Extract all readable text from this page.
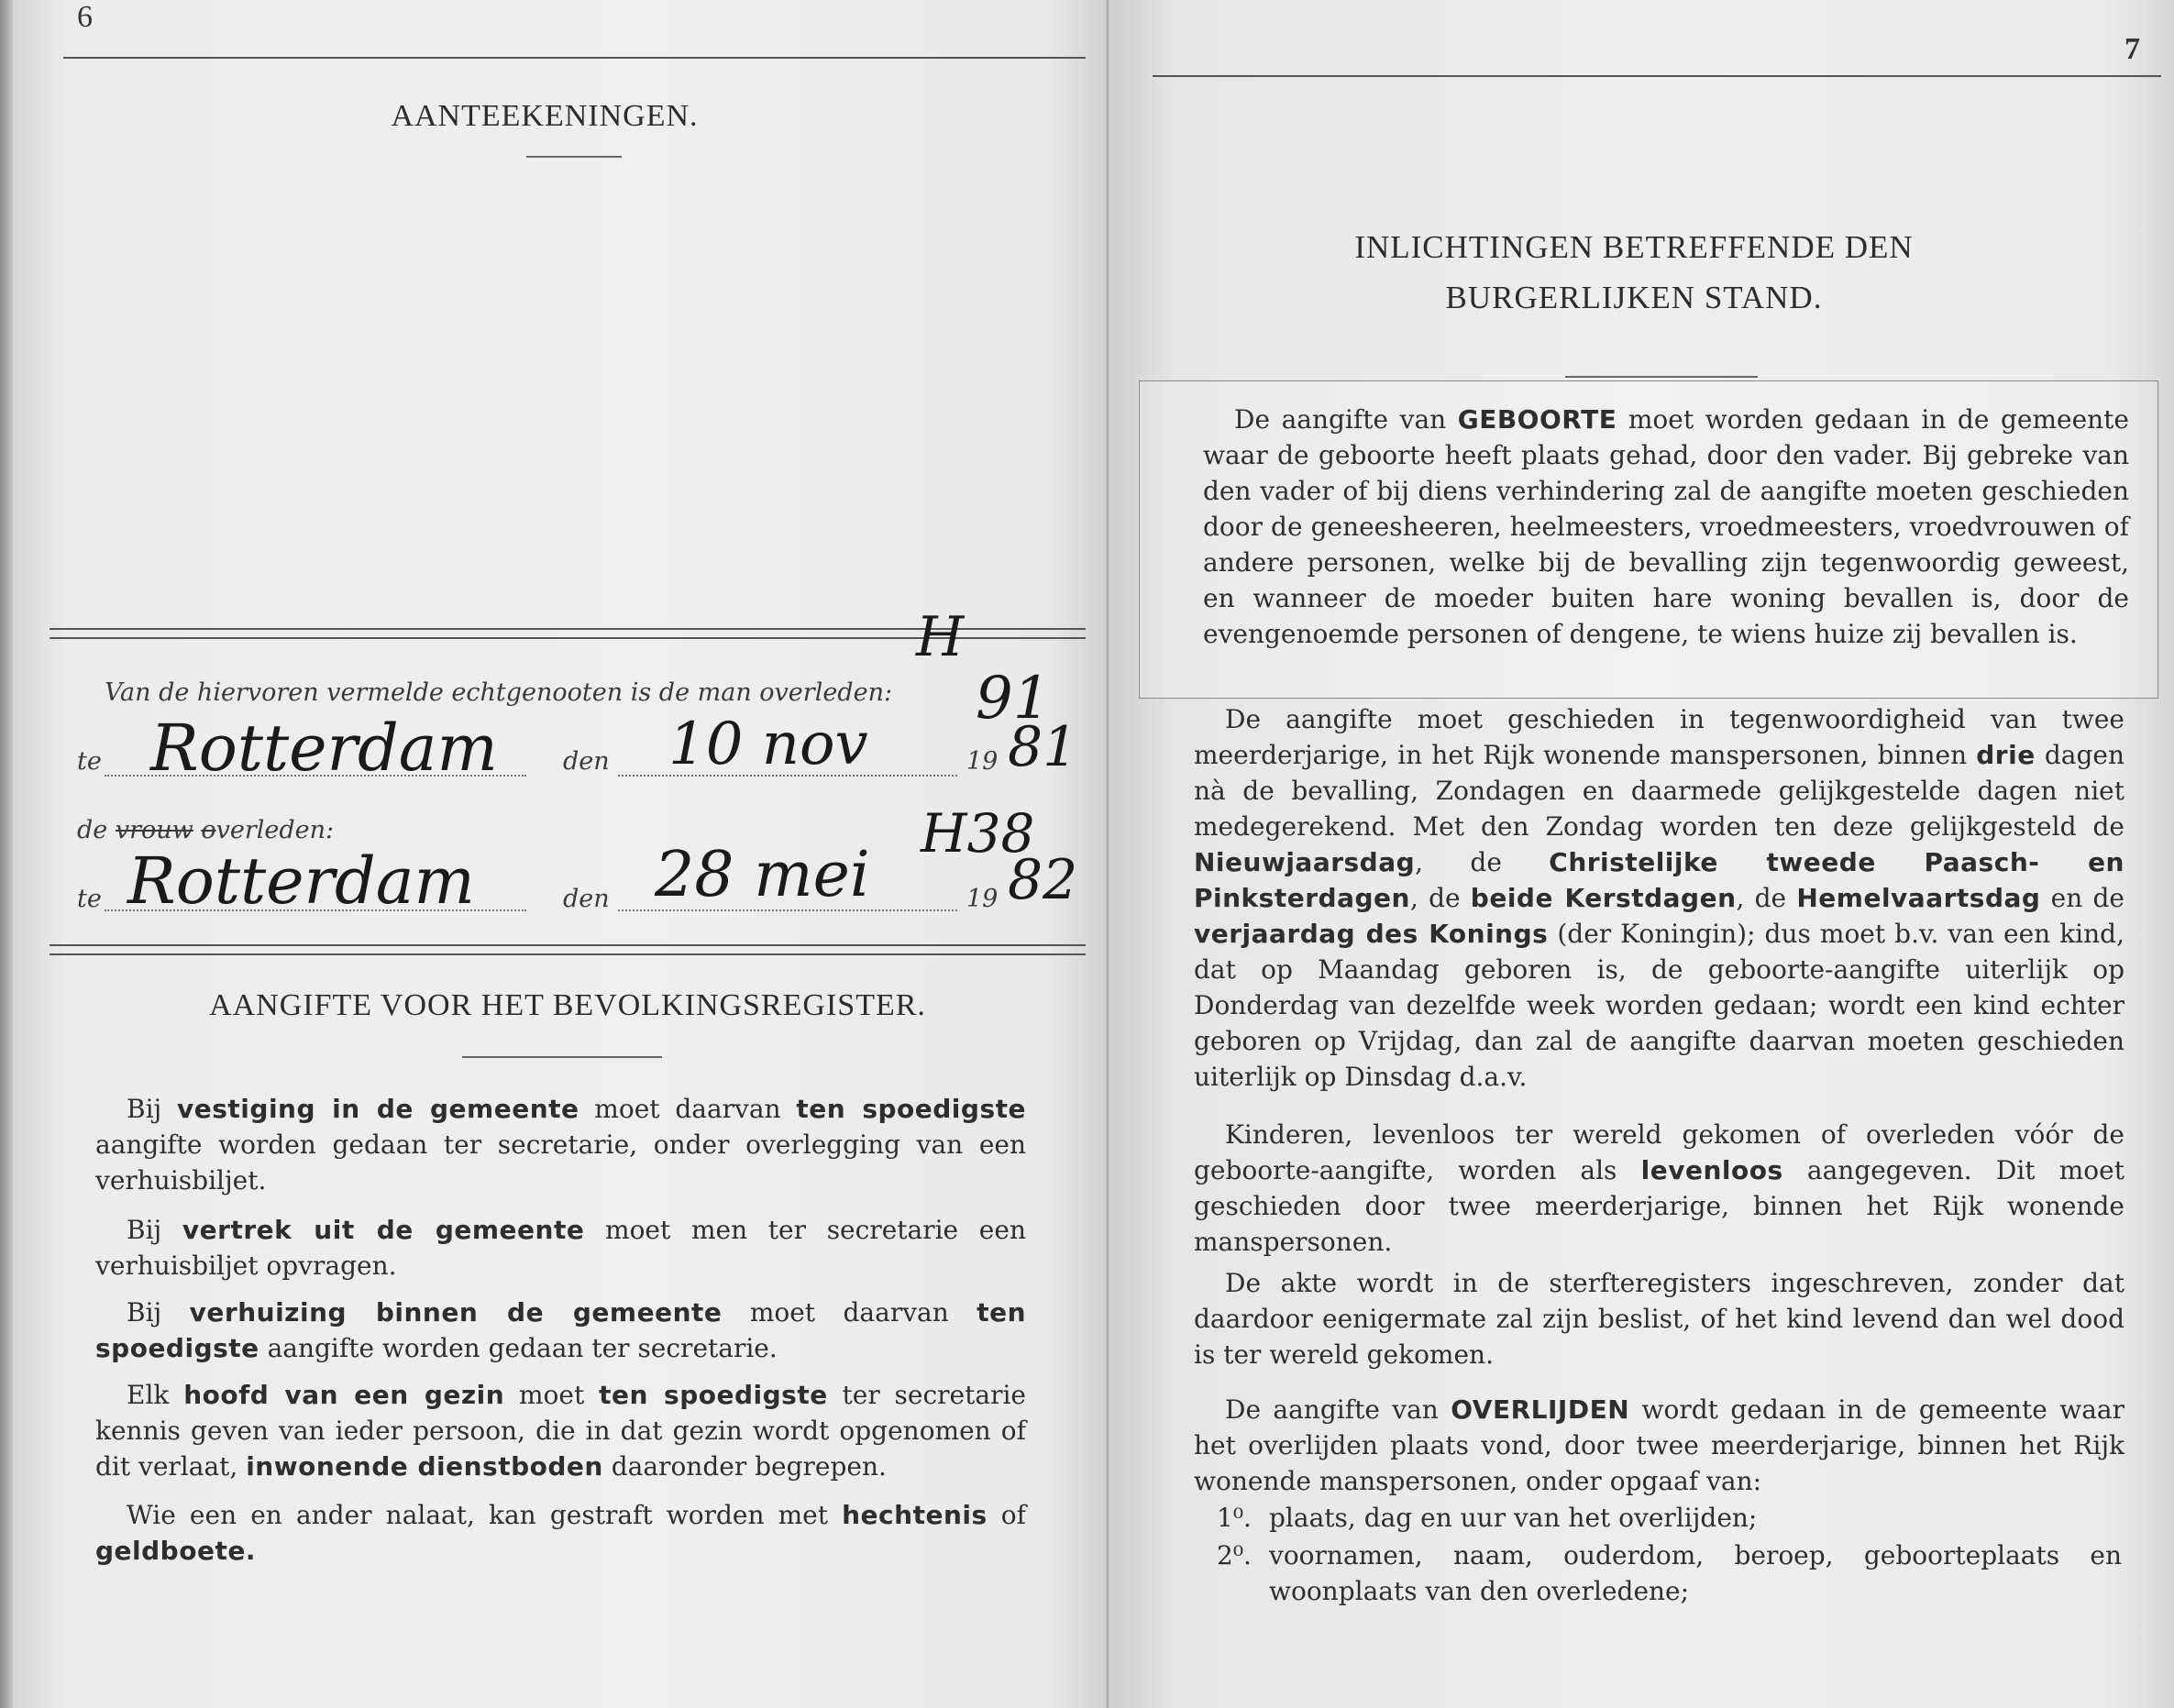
6
AANTEEKENINGEN.
Van de hiervoren vermelde echtgenooten is de man overleden:
H
91
te Rotterdam	den 10 nov	19 81
de vrouw overleden:	H38
te Rotterdam	den 28 mei	19 82
AANGIFTE VOOR HET BEVOLKINGSREGISTER.
Bij vestiging in de gemeente moet daarvan ten spoedigste aangifte worden gedaan ter secretarie, onder overlegging van een verhuisbiljet.
Bij vertrek uit de gemeente moet men ter secretarie een verhuisbiljet opvragen.
Bij verhuizing binnen de gemeente moet daarvan ten spoedigste aangifte worden gedaan ter secretarie.
Elk hoofd van een gezin moet ten spoedigste ter secretarie kennis geven van ieder persoon, die in dat gezin wordt opgenomen of dit verlaat, inwonende dienstboden daaronder begrepen.
Wie een en ander nalaat, kan gestraft worden met hechtenis of geldboete.
7
INLICHTINGEN BETREFFENDE DEN
BURGERLIJKEN STAND.
De aangifte van GEBOORTE moet worden gedaan in de gemeente waar de geboorte heeft plaats gehad, door den vader. Bij gebreke van den vader of bij diens verhindering zal de aangifte moeten geschieden door de geneesheeren, heelmeesters, vroedmeesters, vroedvrouwen of andere personen, welke bij de bevalling zijn tegenwoordig geweest, en wanneer de moeder buiten hare woning bevallen is, door de evengenoemde personen of dengene, te wiens huize zij bevallen is.
De aangifte moet geschieden in tegenwoordigheid van twee meerderjarige, in het Rijk wonende manspersonen, binnen drie dagen nà de bevalling, Zondagen en daarmede gelijkgestelde dagen niet medegerekend. Met den Zondag worden ten deze gelijkgesteld de Nieuwjaarsdag, de Christelijke tweede Paasch- en Pinksterdagen, de beide Kerstdagen, de Hemelvaartsdag en de verjaardag des Konings (der Koningin); dus moet b.v. van een kind, dat op Maandag geboren is, de geboorte-aangifte uiterlijk op Donderdag van dezelfde week worden gedaan; wordt een kind echter geboren op Vrijdag, dan zal de aangifte daarvan moeten geschieden uiterlijk op Dinsdag d.a.v.
Kinderen, levenloos ter wereld gekomen of overleden vóór de geboorte-aangifte, worden als levenloos aangegeven. Dit moet geschieden door twee meerderjarige, binnen het Rijk wonende manspersonen.
De akte wordt in de sterfteregisters ingeschreven, zonder dat daardoor eenigermate zal zijn beslist, of het kind levend dan wel dood is ter wereld gekomen.
De aangifte van OVERLIJDEN wordt gedaan in de gemeente waar het overlijden plaats vond, door twee meerderjarige, binnen het Rijk wonende manspersonen, onder opgaaf van:
1⁰. plaats, dag en uur van het overlijden;
2⁰. voornamen, naam, ouderdom, beroep, geboorteplaats en woonplaats van den overledene;
